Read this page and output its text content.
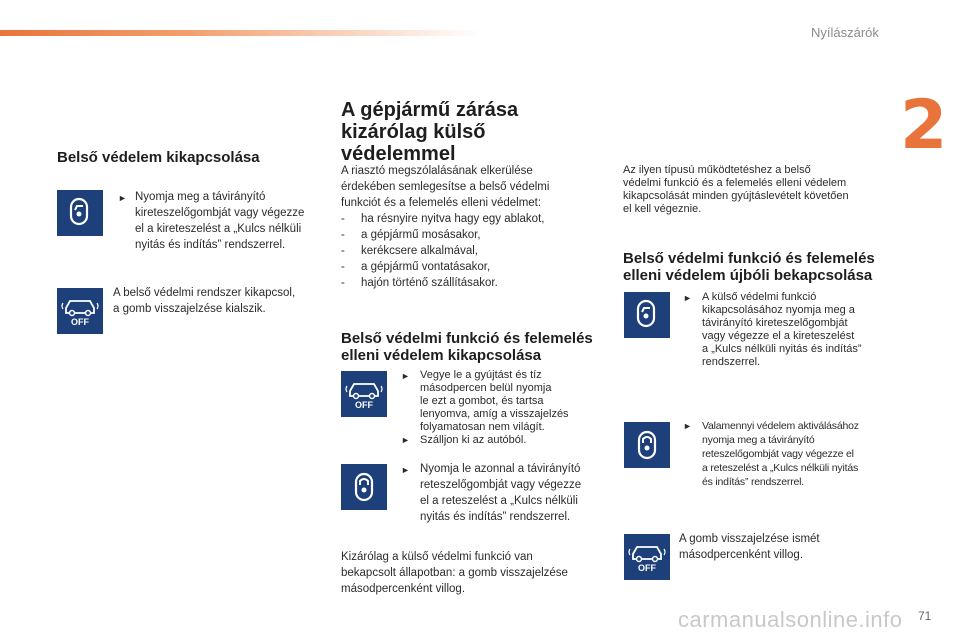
Nyílászárók
2
Belső védelem kikapcsolása
► Nyomja meg a távirányító
kireteszelőgombját vagy végezze
el a kireteszelést a „Kulcs nélküli
nyitás és indítás” rendszerrel.
OFF
A belső védelmi rendszer kikapcsol,
a gomb visszajelzése kialszik.
A gépjármű zárása
kizárólag külső
védelemmel
A riasztó megszólalásának elkerülése
érdekében semlegesítse a belső védelmi
funkciót és a felemelés elleni védelmet:
- ha résnyire nyitva hagy egy ablakot,
- a gépjármű mosásakor,
- kerékcsere alkalmával,
- a gépjármű vontatásakor,
- hajón történő szállításakor.
Belső védelmi funkció és felemelés
elleni védelem kikapcsolása
OFF
► Vegye le a gyújtást és tíz
másodpercen belül nyomja
le ezt a gombot, és tartsa
lenyomva, amíg a visszajelzés
folyamatosan nem világít.
► Szálljon ki az autóból.
► Nyomja le azonnal a távirányító
reteszelőgombját vagy végezze
el a reteszelést a „Kulcs nélküli
nyitás és indítás” rendszerrel.
Kizárólag a külső védelmi funkció van
bekapcsolt állapotban: a gomb visszajelzése
másodpercenként villog.
Az ilyen típusú működtetéshez a belső
védelmi funkció és a felemelés elleni védelem
kikapcsolását minden gyújtáslevételt követően
el kell végeznie.
Belső védelmi funkció és felemelés
elleni védelem újbóli bekapcsolása
► A külső védelmi funkció
kikapcsolásához nyomja meg a
távirányító kireteszelőgombját
vagy végezze el a kireteszelést
a „Kulcs nélküli nyitás és indítás”
rendszerrel.
► Valamennyi védelem aktiválásához
nyomja meg a távirányító
reteszelőgombját vagy végezze el
a reteszelést a „Kulcs nélküli nyitás
és indítás” rendszerrel.
OFF
A gomb visszajelzése ismét
másodpercenként villog.
carmanualsonline.info 71
